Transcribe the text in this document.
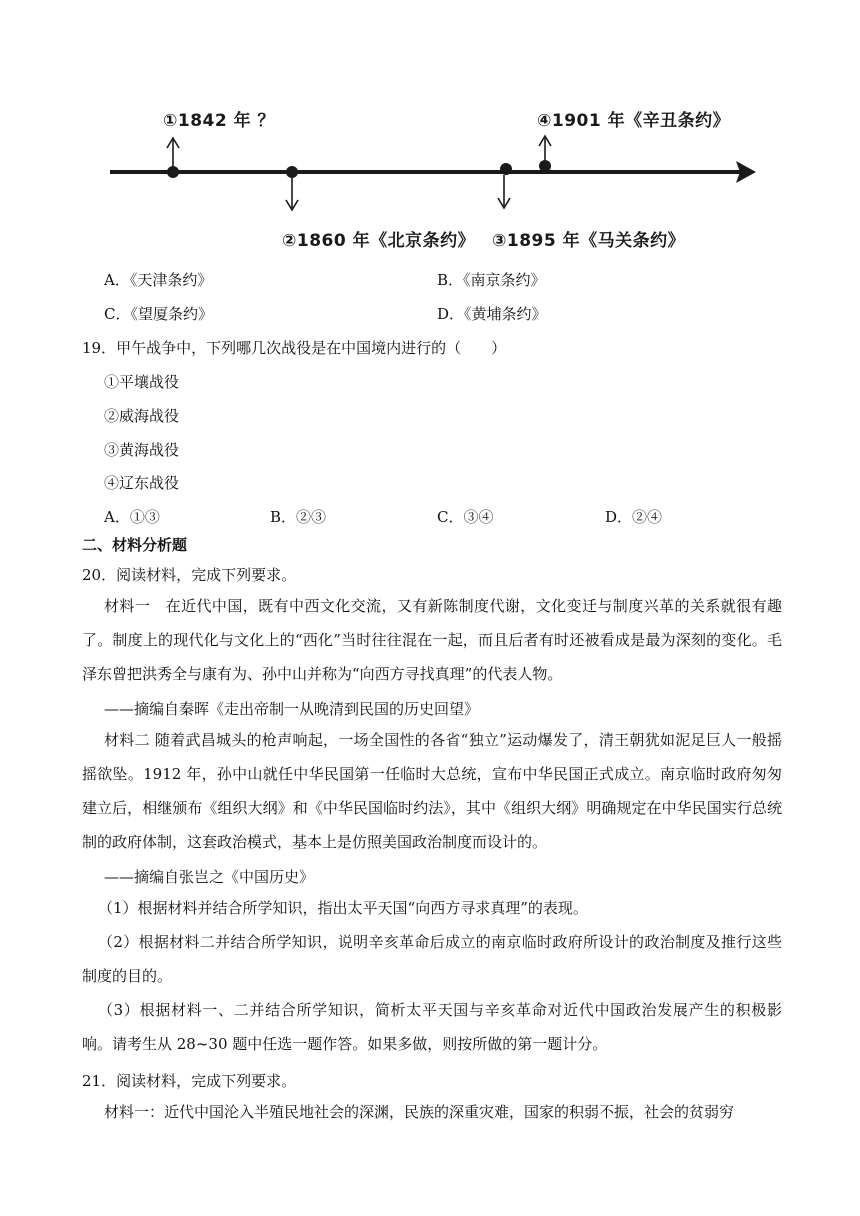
①1842 年 ？
②1860 年《北京条约》 ③1895 年《马关条约》
④1901 年《辛丑条约》
A．《天津条约》	B．《南京条约》
C．《望厦条约》	D．《黄埔条约》
19．甲午战争中，下列哪几次战役是在中国境内进行的（　　）
①平壤战役
②威海战役
③黄海战役
④辽东战役
A．①③	B．②③	C．③④	D．②④
二、材料分析题
20．阅读材料，完成下列要求。

材料一　在近代中国，既有中西文化交流，又有新陈制度代谢，文化变迁与制度兴革的关系就很有趣了。制度上的现代化与文化上的“西化”当时往往混在一起，而且后者有时还被看成是最为深刻的变化。毛泽东曾把洪秀全与康有为、孙中山并称为“向西方寻找真理”的代表人物。

——摘编自秦晖《走出帝制一从晚清到民国的历史回望》

材料二 随着武昌城头的枪声响起，一场全国性的各省“独立”运动爆发了，清王朝犹如泥足巨人一般摇摇欲坠。1912 年，孙中山就任中华民国第一任临时大总统，宣布中华民国正式成立。南京临时政府匆匆建立后，相继颁布《组织大纲》和《中华民国临时约法》，其中《组织大纲》明确规定在中华民国实行总统制的政府体制，这套政治模式，基本上是仿照美国政治制度而设计的。

——摘编自张岂之《中国历史》

（1）根据材料并结合所学知识，指出太平天国“向西方寻求真理”的表现。

（2）根据材料二并结合所学知识，说明辛亥革命后成立的南京临时政府所设计的政治制度及推行这些制度的目的。

（3）根据材料一、二并结合所学知识，简析太平天国与辛亥革命对近代中国政治发展产生的积极影响。请考生从 28~30 题中任选一题作答。如果多做，则按所做的第一题计分。

21．阅读材料，完成下列要求。

材料一：近代中国沦入半殖民地社会的深渊，民族的深重灾难，国家的积弱不振，社会的贫弱穷
